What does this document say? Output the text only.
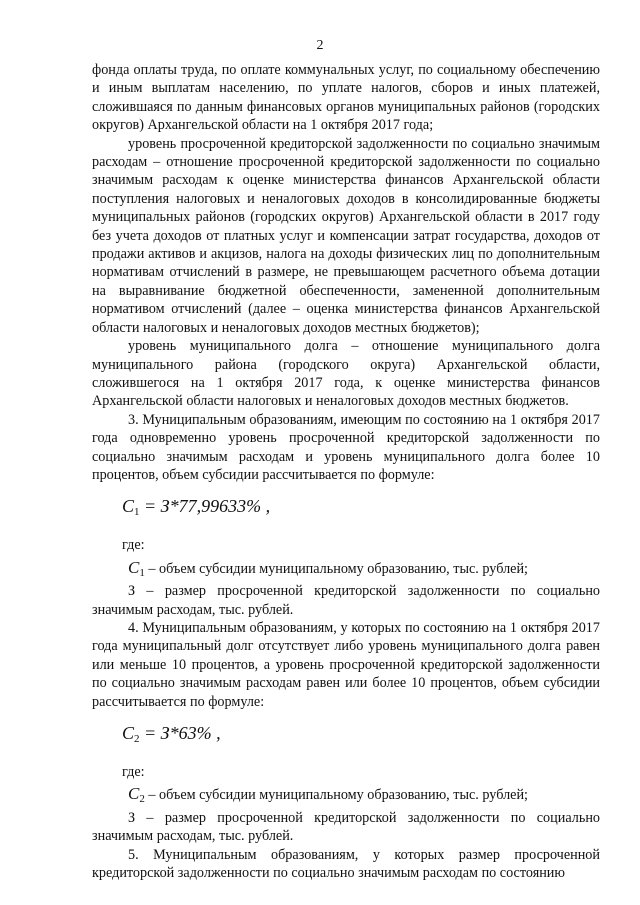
2

фонда оплаты труда, по оплате коммунальных услуг, по социальному обеспечению и иным выплатам населению, по уплате налогов, сборов и иных платежей, сложившаяся по данным финансовых органов муниципальных районов (городских округов) Архангельской области на 1 октября 2017 года;

уровень просроченной кредиторской задолженности по социально значимым расходам – отношение просроченной кредиторской задолженности по социально значимым расходам к оценке министерства финансов Архангельской области поступления налоговых и неналоговых доходов в консолидированные бюджеты муниципальных районов (городских округов) Архангельской области в 2017 году без учета доходов от платных услуг и компенсации затрат государства, доходов от продажи активов и акцизов, налога на доходы физических лиц по дополнительным нормативам отчислений в размере, не превышающем расчетного объема дотации на выравнивание бюджетной обеспеченности, замененной дополнительным нормативом отчислений (далее – оценка министерства финансов Архангельской области налоговых и неналоговых доходов местных бюджетов);

уровень муниципального долга – отношение муниципального долга муниципального района (городского округа) Архангельской области, сложившегося на 1 октября 2017 года, к оценке министерства финансов Архангельской области налоговых и неналоговых доходов местных бюджетов.

3. Муниципальным образованиям, имеющим по состоянию на 1 октября 2017 года одновременно уровень просроченной кредиторской задолженности по социально значимым расходам и уровень муниципального долга более 10 процентов, объем субсидии рассчитывается по формуле:

$C_1 = З*77,99633\%$ ,

где:

$C_1$ – объем субсидии муниципальному образованию, тыс. рублей;

З – размер просроченной кредиторской задолженности по социально значимым расходам, тыс. рублей.

4. Муниципальным образованиям, у которых по состоянию на 1 октября 2017 года муниципальный долг отсутствует либо уровень муниципального долга равен или меньше 10 процентов, а уровень просроченной кредиторской задолженности по социально значимым расходам равен или более 10 процентов, объем субсидии рассчитывается по формуле:

$C_2 = З*63\%$ ,

где:

$C_2$ – объем субсидии муниципальному образованию, тыс. рублей;

З – размер просроченной кредиторской задолженности по социально значимым расходам, тыс. рублей.

5. Муниципальным образованиям, у которых размер просроченной кредиторской задолженности по социально значимым расходам по состоянию
